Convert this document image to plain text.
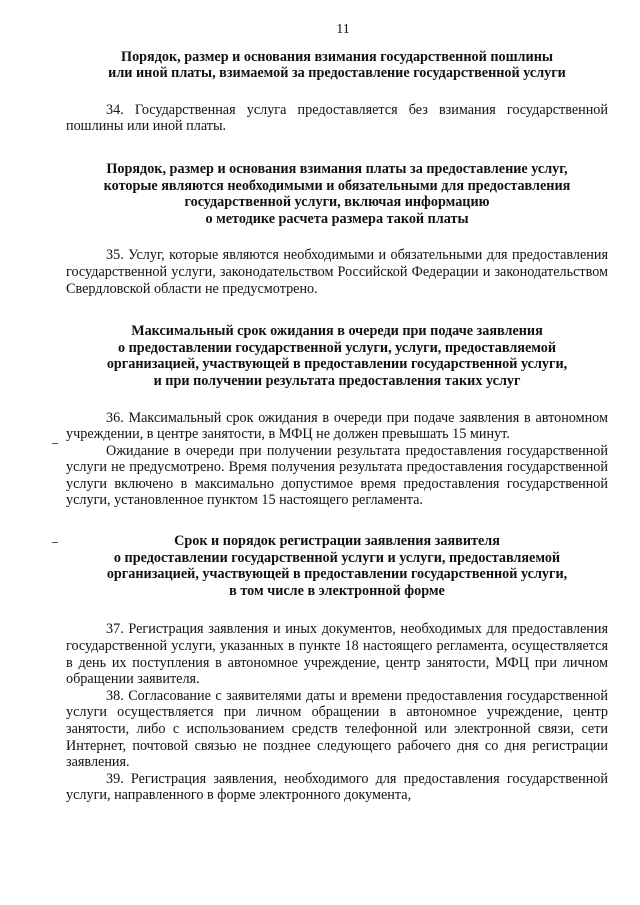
11
Порядок, размер и основания взимания государственной пошлины
или иной платы, взимаемой за предоставление государственной услуги
34. Государственная услуга предоставляется без взимания государственной пошлины или иной платы.
Порядок, размер и основания взимания платы за предоставление услуг,
которые являются необходимыми и обязательными для предоставления
государственной услуги, включая информацию
о методике расчета размера такой платы
35. Услуг, которые являются необходимыми и обязательными для предоставления государственной услуги, законодательством Российской Федерации и законодательством Свердловской области не предусмотрено.
Максимальный срок ожидания в очереди при подаче заявления
о предоставлении государственной услуги, услуги, предоставляемой
организацией, участвующей в предоставлении государственной услуги,
и при получении результата предоставления таких услуг
36. Максимальный срок ожидания в очереди при подаче заявления в автономном учреждении, в центре занятости, в МФЦ не должен превышать 15 минут.
Ожидание в очереди при получении результата предоставления государственной услуги не предусмотрено. Время получения результата предоставления государственной услуги включено в максимально допустимое время предоставления государственной услуги, установленное пунктом 15 настоящего регламента.
Срок и порядок регистрации заявления заявителя
о предоставлении государственной услуги и услуги, предоставляемой
организацией, участвующей в предоставлении государственной услуги,
в том числе в электронной форме
37. Регистрация заявления и иных документов, необходимых для предоставления государственной услуги, указанных в пункте 18 настоящего регламента, осуществляется в день их поступления в автономное учреждение, центр занятости, МФЦ при личном обращении заявителя.
38. Согласование с заявителями даты и времени предоставления государственной услуги осуществляется при личном обращении в автономное учреждение, центр занятости, либо с использованием средств телефонной или электронной связи, сети Интернет, почтовой связью не позднее следующего рабочего дня со дня регистрации заявления.
39. Регистрация заявления, необходимого для предоставления государственной услуги, направленного в форме электронного документа,
